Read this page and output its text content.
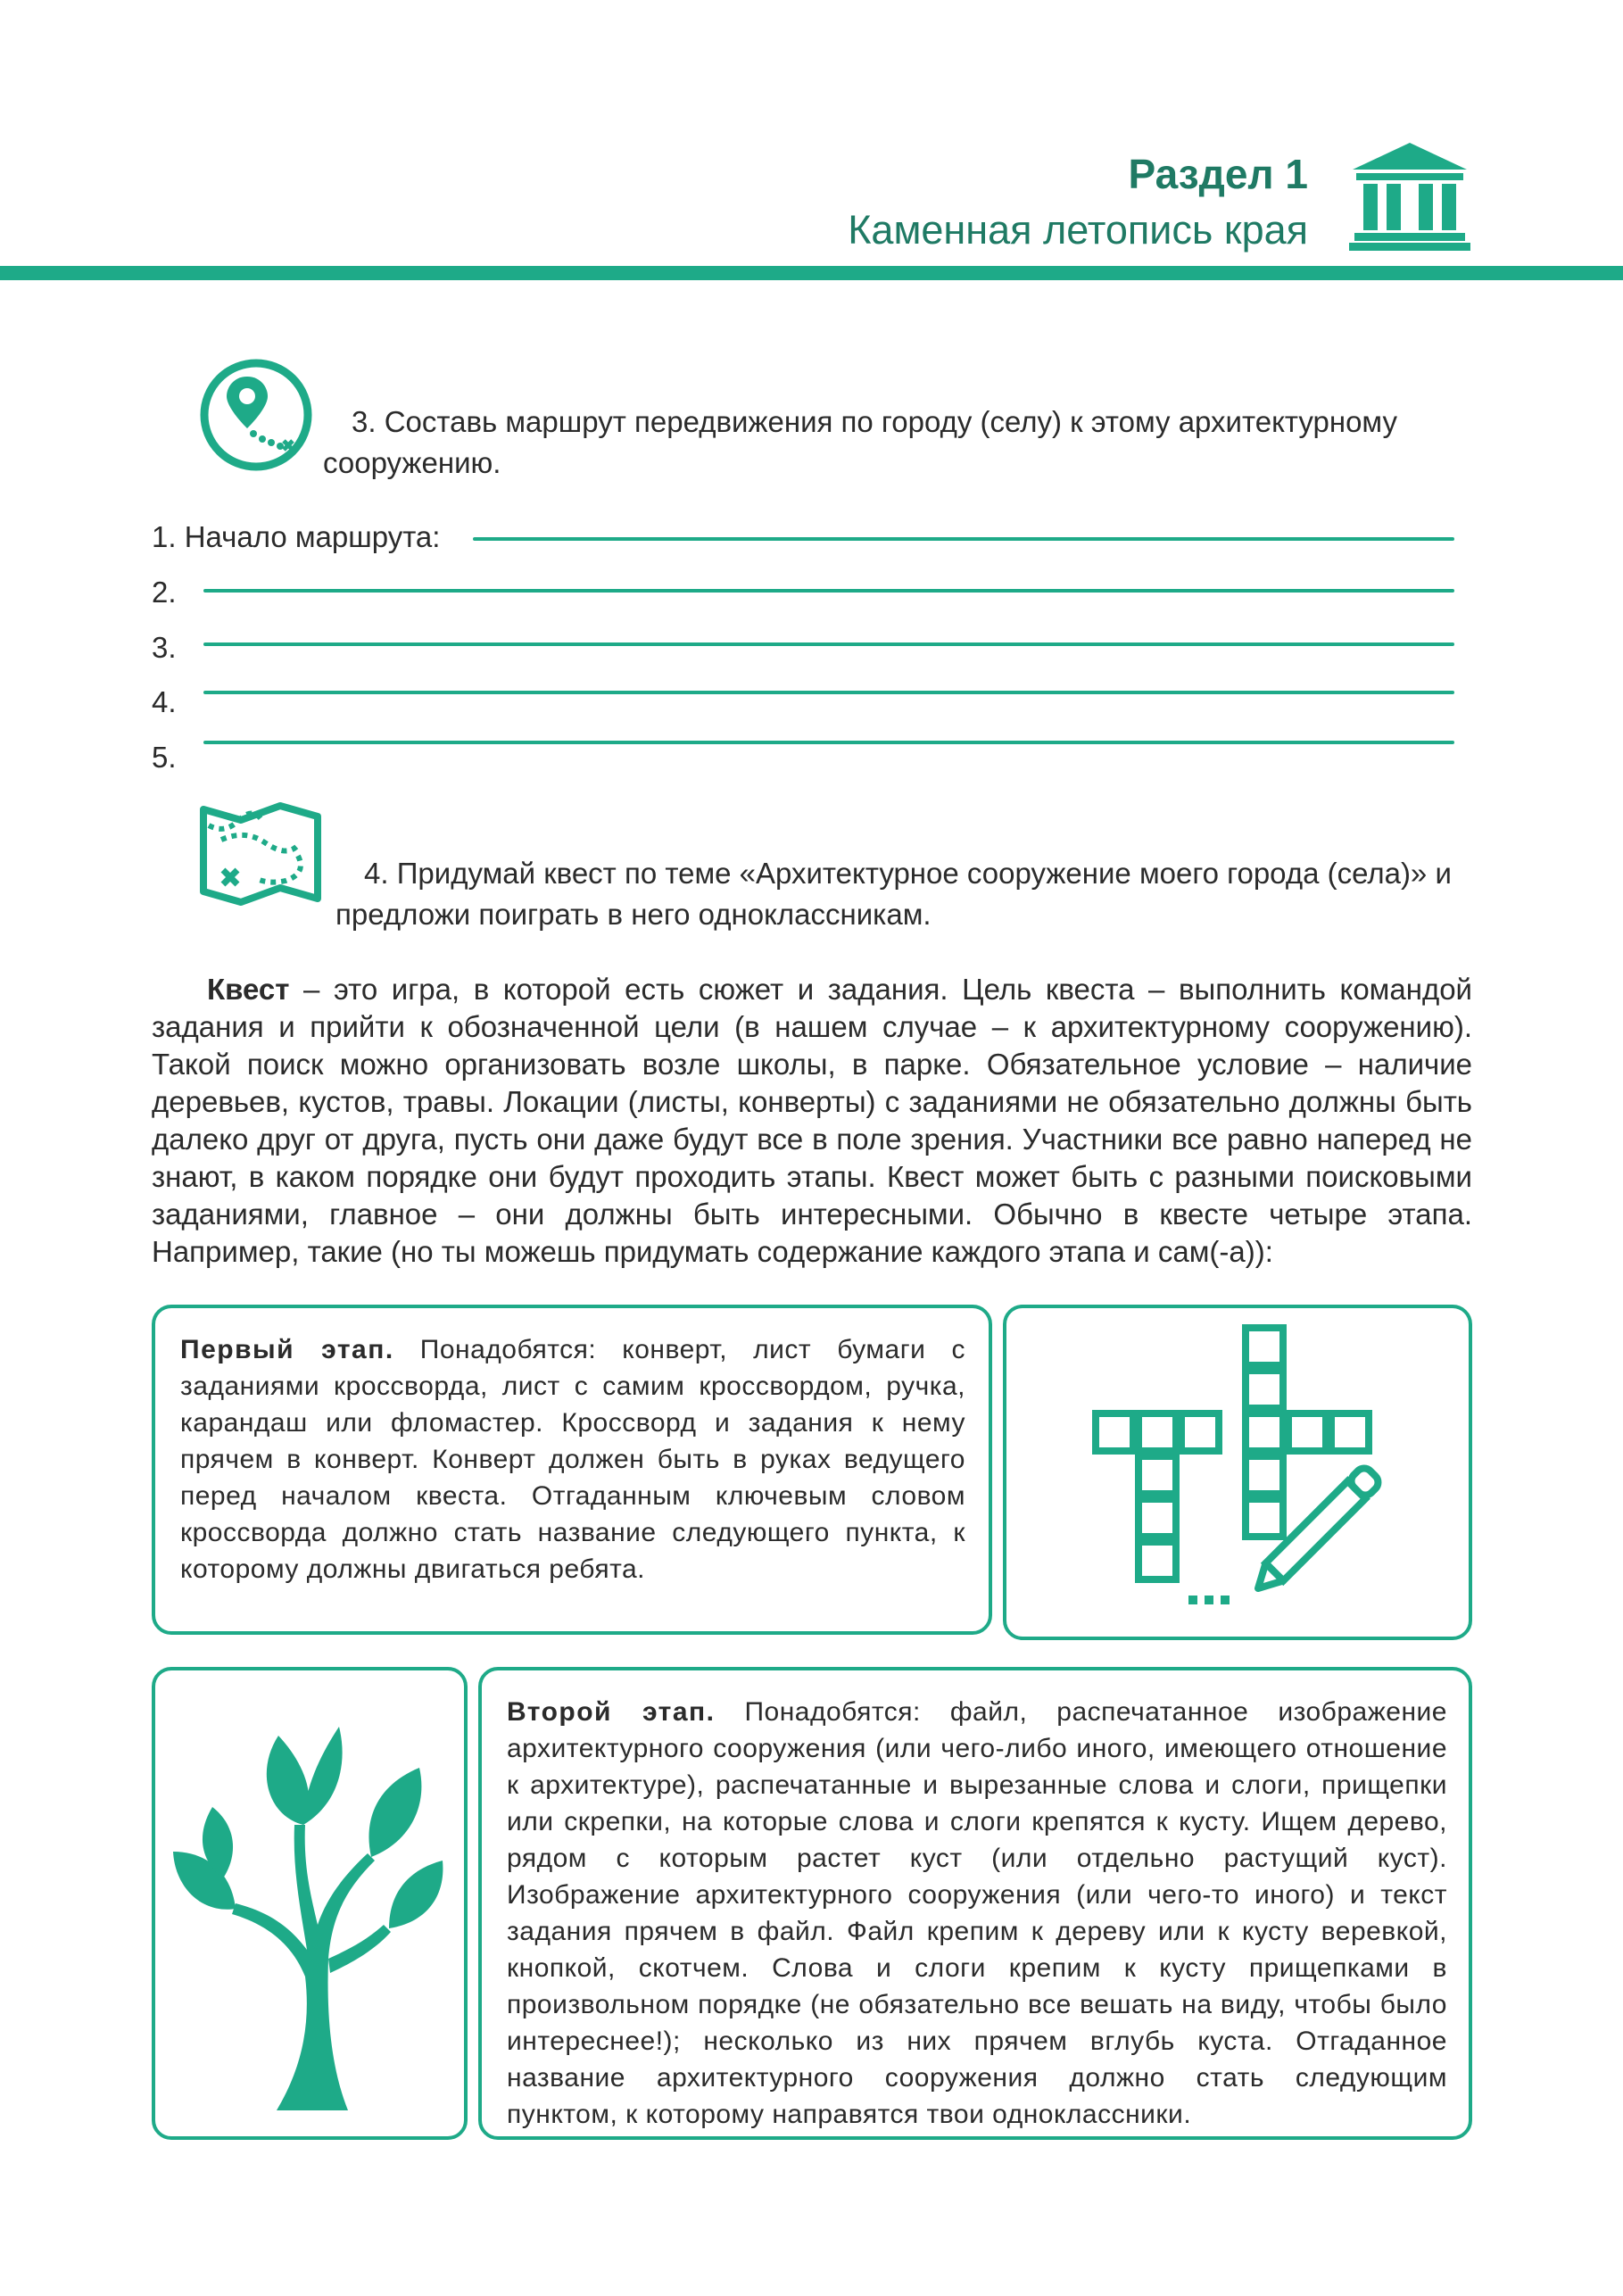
Раздел 1
Каменная летопись края
3. Составь маршрут передвижения по городу (селу) к этому архитектурному сооружению.
1. Начало маршрута:
2.
3.
4.
5.
4. Придумай квест по теме «Архитектурное сооружение моего города (села)» и предложи поиграть в него одноклассникам.
Квест – это игра, в которой есть сюжет и задания. Цель квеста – выполнить командой задания и прийти к обозначенной цели (в нашем случае – к архитектурному сооружению). Такой поиск можно организовать возле школы, в парке. Обязательное условие – наличие деревьев, кустов, травы. Локации (листы, конверты) с заданиями не обязательно должны быть далеко друг от друга, пусть они даже будут все в поле зрения. Участники все равно наперед не знают, в каком порядке они будут проходить этапы. Квест может быть с разными поисковыми заданиями, главное – они должны быть интересными. Обычно в квесте четыре этапа. Например, такие (но ты можешь придумать содержание каждого этапа и сам(-а)):
Первый этап. Понадобятся: конверт, лист бумаги с заданиями кроссворда, лист с самим кроссвордом, ручка, карандаш или фломастер. Кроссворд и задания к нему прячем в конверт. Конверт должен быть в руках ведущего перед началом квеста. Отгаданным ключевым словом кроссворда должно стать название следующего пункта, к которому должны двигаться ребята.
Второй этап. Понадобятся: файл, распечатанное изображение архитектурного сооружения (или чего-либо иного, имеющего отношение к архитектуре), распечатанные и вырезанные слова и слоги, прищепки или скрепки, на которые слова и слоги крепятся к кусту. Ищем дерево, рядом с которым растет куст (или отдельно растущий куст). Изображение архитектурного сооружения (или чего-то иного) и текст задания прячем в файл. Файл крепим к дереву или к кусту веревкой, кнопкой, скотчем. Слова и слоги крепим к кусту прищепками в произвольном порядке (не обязательно все вешать на виду, чтобы было интереснее!); несколько из них прячем вглубь куста. Отгаданное название архитектурного сооружения должно стать следующим пунктом, к которому направятся твои одноклассники.
